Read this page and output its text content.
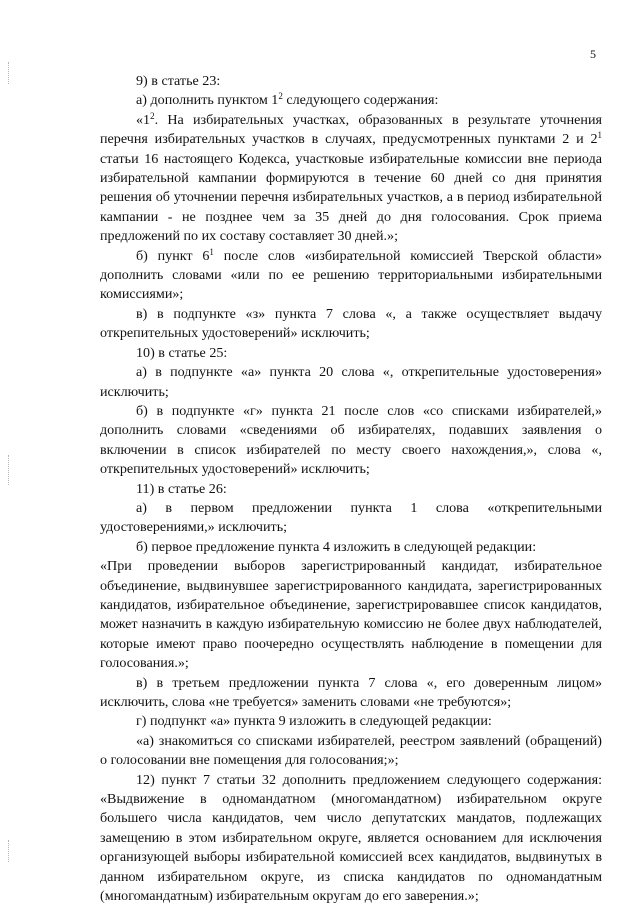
5

9) в статье 23:

а) дополнить пунктом $1^2$ следующего содержания:

«$1^2$. На избирательных участках, образованных в результате уточнения перечня избирательных участков в случаях, предусмотренных пунктами 2 и $2^1$ статьи 16 настоящего Кодекса, участковые избирательные комиссии вне периода избирательной кампании формируются в течение 60 дней со дня принятия решения об уточнении перечня избирательных участков, а в период избирательной кампании - не позднее чем за 35 дней до дня голосования. Срок приема предложений по их составу составляет 30 дней.»;

б) пункт $6^1$ после слов «избирательной комиссией Тверской области» дополнить словами «или по ее решению территориальными избирательными комиссиями»;

в) в подпункте «з» пункта 7 слова «, а также осуществляет выдачу открепительных удостоверений» исключить;

10) в статье 25:

а) в подпункте «а» пункта 20 слова «, открепительные удостоверения» исключить;

б) в подпункте «г» пункта 21 после слов «со списками избирателей,» дополнить словами «сведениями об избирателях, подавших заявления о включении в список избирателей по месту своего нахождения,», слова «, открепительных удостоверений» исключить;

11) в статье 26:

а) в первом предложении пункта 1 слова «открепительными удостоверениями,» исключить;

б) первое предложение пункта 4 изложить в следующей редакции:

«При проведении выборов зарегистрированный кандидат, избирательное объединение, выдвинувшее зарегистрированного кандидата, зарегистрированных кандидатов, избирательное объединение, зарегистрировавшее список кандидатов, может назначить в каждую избирательную комиссию не более двух наблюдателей, которые имеют право поочередно осуществлять наблюдение в помещении для голосования.»;

в) в третьем предложении пункта 7 слова «, его доверенным лицом» исключить, слова «не требуется» заменить словами «не требуются»;

г) подпункт «а» пункта 9 изложить в следующей редакции:

«а) знакомиться со списками избирателей, реестром заявлений (обращений) о голосовании вне помещения для голосования;»;

12) пункт 7 статьи 32 дополнить предложением следующего содержания: «Выдвижение в одномандатном (многомандатном) избирательном округе большего числа кандидатов, чем число депутатских мандатов, подлежащих замещению в этом избирательном округе, является основанием для исключения организующей выборы избирательной комиссией всех кандидатов, выдвинутых в данном избирательном округе, из списка кандидатов по одномандатным (многомандатным) избирательным округам до его заверения.»;
